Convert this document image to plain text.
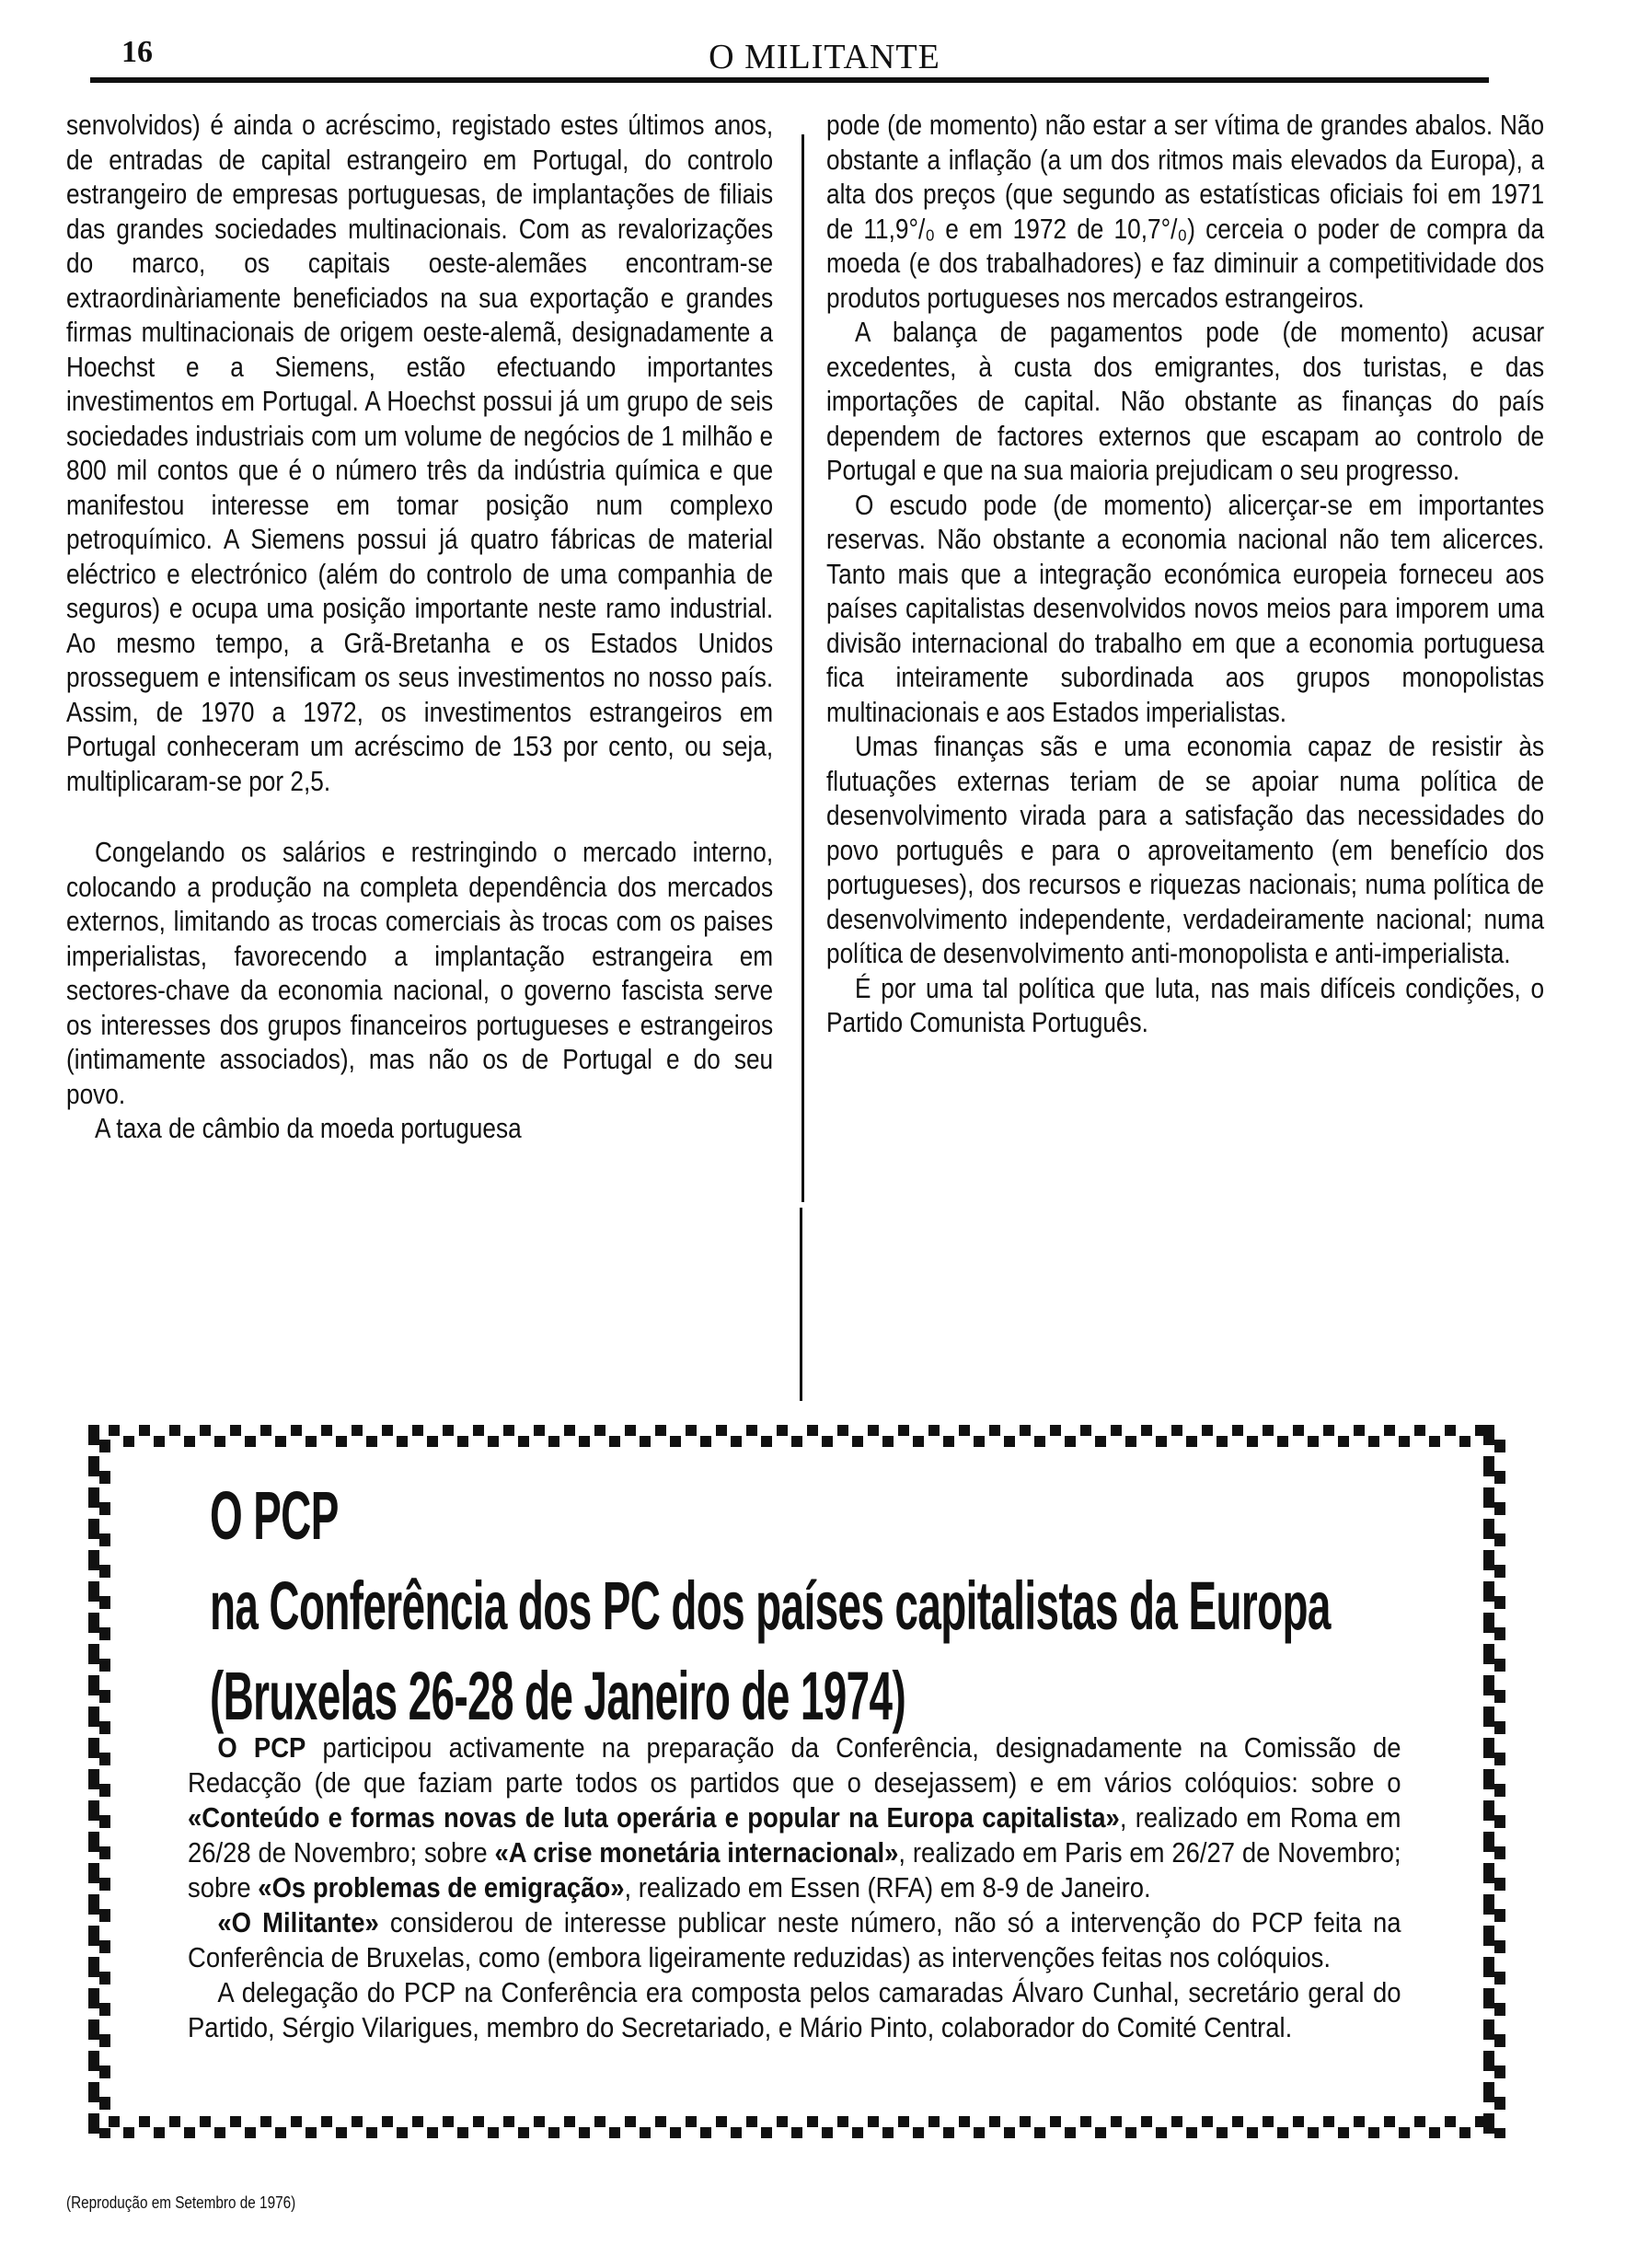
16	O MILITANTE

senvolvidos) é ainda o acréscimo, registado estes últimos anos, de entradas de capital estrangeiro em Portugal, do controlo estrangeiro de empresas portuguesas, de implantações de filiais das grandes sociedades multinacionais. Com as revalorizações do marco, os capitais oeste-alemães encontram-se extraordinàriamente beneficiados na sua exportação e grandes firmas multinacionais de origem oeste-alemã, designadamente a Hoechst e a Siemens, estão efectuando importantes investimentos em Portugal. A Hoechst possui já um grupo de seis sociedades industriais com um volume de negócios de 1 milhão e 800 mil contos que é o número três da indústria química e que manifestou interesse em tomar posição num complexo petroquímico. A Siemens possui já quatro fábricas de material eléctrico e electrónico (além do controlo de uma companhia de seguros) e ocupa uma posição importante neste ramo industrial. Ao mesmo tempo, a Grã-Bretanha e os Estados Unidos prosseguem e intensificam os seus investimentos no nosso país. Assim, de 1970 a 1972, os investimentos estrangeiros em Portugal conheceram um acréscimo de 153 por cento, ou seja, multiplicaram-se por 2,5.

Congelando os salários e restringindo o mercado interno, colocando a produção na completa dependência dos mercados externos, limitando as trocas comerciais às trocas com os paises imperialistas, favorecendo a implantação estrangeira em sectores-chave da economia nacional, o governo fascista serve os interesses dos grupos financeiros portugueses e estrangeiros (intimamente associados), mas não os de Portugal e do seu povo.

A taxa de câmbio da moeda portuguesa

pode (de momento) não estar a ser vítima de grandes abalos. Não obstante a inflação (a um dos ritmos mais elevados da Europa), a alta dos preços (que segundo as estatísticas oficiais foi em 1971 de 11,9°/₀ e em 1972 de 10,7°/₀) cerceia o poder de compra da moeda (e dos trabalhadores) e faz diminuir a competitividade dos produtos portugueses nos mercados estrangeiros.

A balança de pagamentos pode (de momento) acusar excedentes, à custa dos emigrantes, dos turistas, e das importações de capital. Não obstante as finanças do país dependem de factores externos que escapam ao controlo de Portugal e que na sua maioria prejudicam o seu progresso.

O escudo pode (de momento) alicerçar-se em importantes reservas. Não obstante a economia nacional não tem alicerces. Tanto mais que a integração económica europeia forneceu aos países capitalistas desenvolvidos novos meios para imporem uma divisão internacional do trabalho em que a economia portuguesa fica inteiramente subordinada aos grupos monopolistas multinacionais e aos Estados imperialistas.

Umas finanças sãs e uma economia capaz de resistir às flutuações externas teriam de se apoiar numa política de desenvolvimento virada para a satisfação das necessidades do povo português e para o aproveitamento (em benefício dos portugueses), dos recursos e riquezas nacionais; numa política de desenvolvimento independente, verdadeiramente nacional; numa política de desenvolvimento anti-monopolista e anti-imperialista.

É por uma tal política que luta, nas mais difíceis condições, o Partido Comunista Português.

O PCP
na Conferência dos PC dos países capitalistas da Europa
(Bruxelas 26-28 de Janeiro de 1974)

O PCP participou activamente na preparação da Conferência, designadamente na Comissão de Redacção (de que faziam parte todos os partidos que o desejassem) e em vários colóquios: sobre o «Conteúdo e formas novas de luta operária e popular na Europa capitalista», realizado em Roma em 26/28 de Novembro; sobre «A crise monetária internacional», realizado em Paris em 26/27 de Novembro; sobre «Os problemas de emigração», realizado em Essen (RFA) em 8-9 de Janeiro.

«O Militante» considerou de interesse publicar neste número, não só a intervenção do PCP feita na Conferência de Bruxelas, como (embora ligeiramente reduzidas) as intervenções feitas nos colóquios.

A delegação do PCP na Conferência era composta pelos camaradas Álvaro Cunhal, secretário geral do Partido, Sérgio Vilarigues, membro do Secretariado, e Mário Pinto, colaborador do Comité Central.

(Reprodução em Setembro de 1976)
